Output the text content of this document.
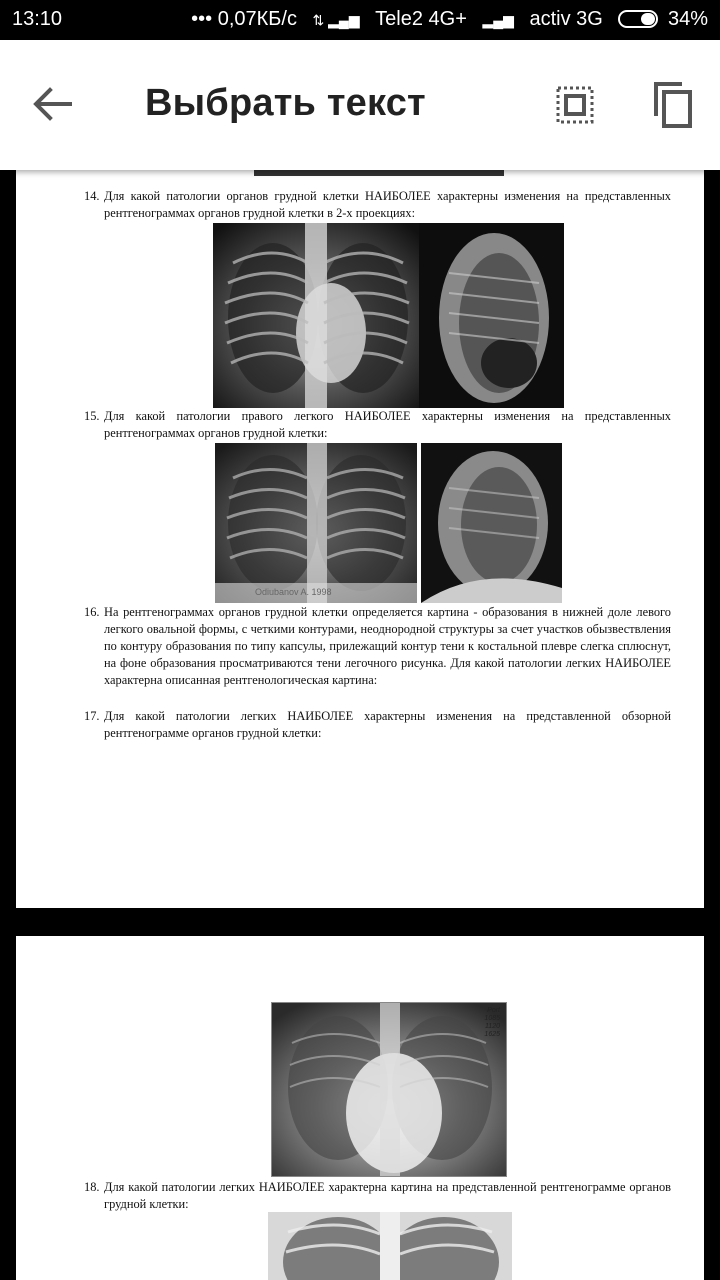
13:10	••• 0,07КБ/с ⇅ ▂▄▆ Tele2 4G+ ▂▄▆ activ 3G	34%
Выбрать текст
14. Для какой патологии органов грудной клетки НАИБОЛЕЕ характерны изменения на представленных рентгенограммах органов грудной клетки в 2-х проекциях:
15. Для какой патологии правого легкого НАИБОЛЕЕ характерны изменения на представленных рентгенограммах органов грудной клетки:
Odiubanov A. 1998
16. На рентгенограммах органов грудной клетки определяется картина - образования в нижней доле левого легкого овальной формы, с четкими контурами, неоднородной структуры за счет участков обызвествления по контуру образования по типу капсулы, прилежащий контур тени к костальной плевре слегка сплюснут, на фоне образования просматриваются тени легочного рисунка. Для какой патологии легких НАИБОЛЕЕ характерна описанная рентгенологическая картина:
17. Для какой патологии легких НАИБОЛЕЕ характерны изменения на представленной обзорной рентгенограмме органов грудной клетки:
Port
1085
1120
1625
18. Для какой патологии легких НАИБОЛЕЕ характерна картина на представленной рентгенограмме органов грудной клетки:
